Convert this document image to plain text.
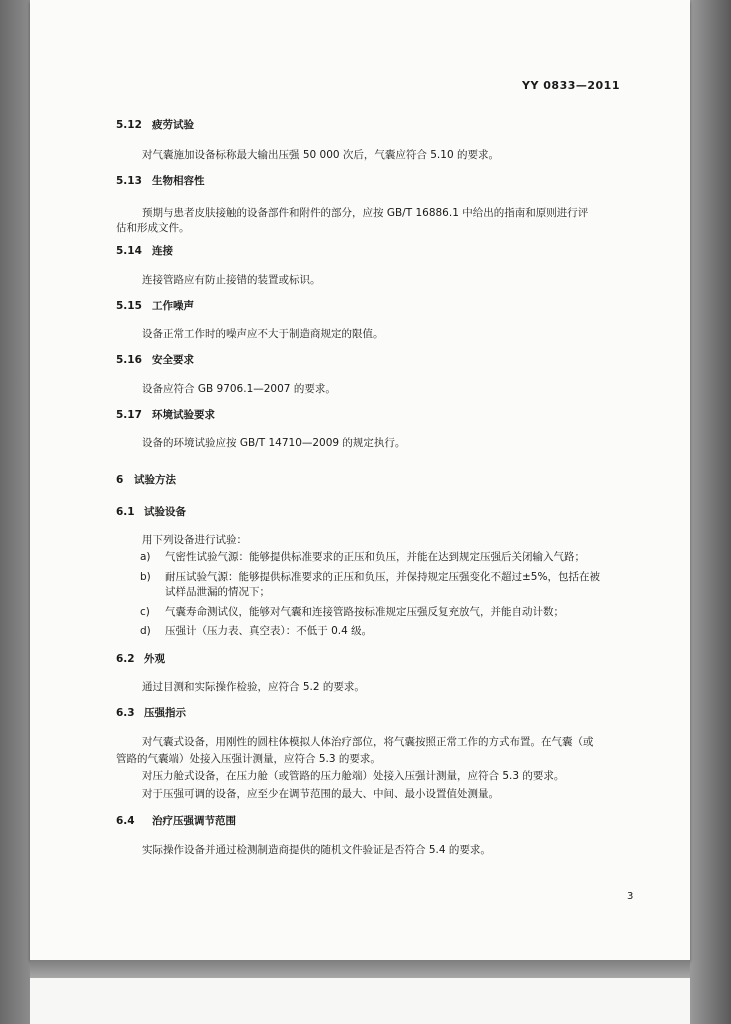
YY 0833—2011
5.12 疲劳试验
对气囊施加设备标称最大输出压强 50 000 次后，气囊应符合 5.10 的要求。
5.13 生物相容性
预期与患者皮肤接触的设备部件和附件的部分，应按 GB/T 16886.1 中给出的指南和原则进行评
估和形成文件。
5.14 连接
连接管路应有防止接错的装置或标识。
5.15 工作噪声
设备正常工作时的噪声应不大于制造商规定的限值。
5.16 安全要求
设备应符合 GB 9706.1—2007 的要求。
5.17 环境试验要求
设备的环境试验应按 GB/T 14710—2009 的规定执行。
6 试验方法
6.1 试验设备
用下列设备进行试验：
a) 气密性试验气源：能够提供标准要求的正压和负压，并能在达到规定压强后关闭输入气路；
b) 耐压试验气源：能够提供标准要求的正压和负压，并保持规定压强变化不超过±5%，包括在被
试样品泄漏的情况下；
c) 气囊寿命测试仪，能够对气囊和连接管路按标准规定压强反复充放气，并能自动计数；
d) 压强计（压力表、真空表）：不低于 0.4 级。
6.2 外观
通过目测和实际操作检验，应符合 5.2 的要求。
6.3 压强指示
对气囊式设备，用刚性的圆柱体模拟人体治疗部位，将气囊按照正常工作的方式布置。在气囊（或
管路的气囊端）处接入压强计测量，应符合 5.3 的要求。
对压力舱式设备，在压力舱（或管路的压力舱端）处接入压强计测量，应符合 5.3 的要求。
对于压强可调的设备，应至少在调节范围的最大、中间、最小设置值处测量。
6.4 治疗压强调节范围
实际操作设备并通过检测制造商提供的随机文件验证是否符合 5.4 的要求。
3
